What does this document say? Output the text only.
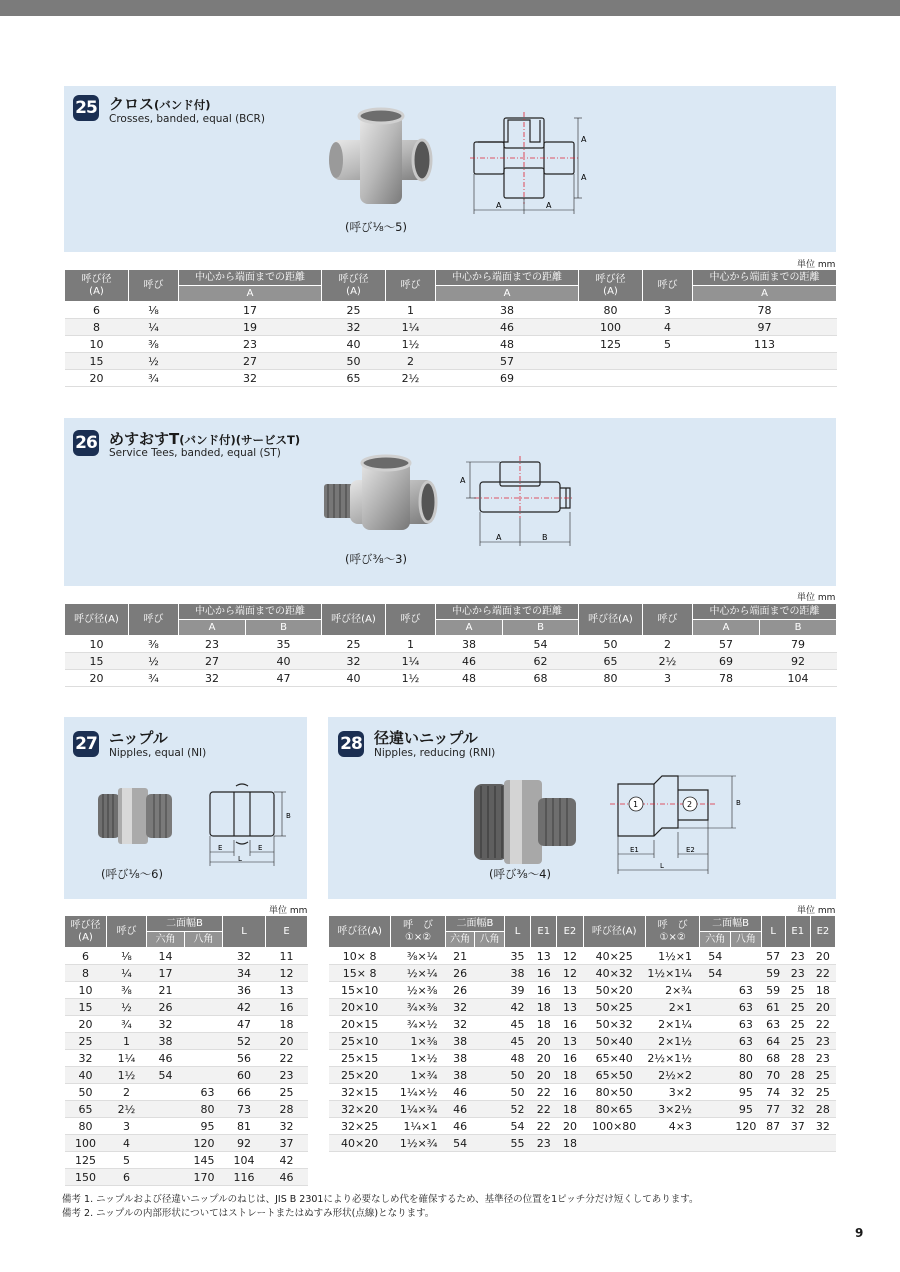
25 クロス(バンド付)
Crosses, banded, equal (BCR)
(呼び⅛〜5)
A	A
A
A
単位 mm
呼び径
(A)	呼び	中心から端面までの距離	呼び径
(A)	呼び	中心から端面までの距離	呼び径
(A)	呼び	中心から端面までの距離
		A			A			A
6	⅛	17	25	1	38	80	3	78
8	¼	19	32	1¼	46	100	4	97
10	⅜	23	40	1½	48	125	5	113
15	½	27	50	2	57			
20	¾	32	65	2½	69			
26 めすおすT(バンド付)(サービスT)
Service Tees, banded, equal (ST)
(呼び⅜〜3)
A	B
A
単位 mm
呼び径(A)	呼び	中心から端面までの距離		呼び径(A)	呼び	中心から端面までの距離		呼び径(A)	呼び	中心から端面までの距離	
		A	B			A	B			A	B
10	⅜	23	35	25	1	38	54	50	2	57	79
15	½	27	40	32	1¼	46	62	65	2½	69	92
20	¾	32	47	40	1½	48	68	80	3	78	104
27 ニップル
Nipples, equal (NI)
(呼び⅛〜6)
B
E	E
L
単位 mm
呼び径
(A)	呼び	二面幅B		L	E
		六角	八角		
6	⅛	14		32	11
8	¼	17		34	12
10	⅜	21		36	13
15	½	26		42	16
20	¾	32		47	18
25	1	38		52	20
32	1¼	46		56	22
40	1½	54		60	23
50	2		63	66	25
65	2½		80	73	28
80	3		95	81	32
100	4		120	92	37
125	5		145	104	42
150	6		170	116	46
28 径違いニップル
Nipples, reducing (RNI)
(呼び⅜〜4)
1	2	B
E1	E2
L
単位 mm
呼び径(A)	呼　び
①×②	二面幅B		L	E1	E2	呼び径(A)	呼　び
①×②	二面幅B		L	E1	E2
		六角	八角						六角	八角			
10× 8	⅜×¼	21		35	13	12	40×25	1½×1	54		57	23	20
15× 8	½×¼	26		38	16	12	40×32	1½×1¼	54		59	23	22
15×10	½×⅜	26		39	16	13	50×20	2×¾		63	59	25	18
20×10	¾×⅜	32		42	18	13	50×25	2×1		63	61	25	20
20×15	¾×½	32		45	18	16	50×32	2×1¼		63	63	25	22
25×10	1×⅜	38		45	20	13	50×40	2×1½		63	64	25	23
25×15	1×½	38		48	20	16	65×40	2½×1½		80	68	28	23
25×20	1×¾	38		50	20	18	65×50	2½×2		80	70	28	25
32×15	1¼×½	46		50	22	16	80×50	3×2		95	74	32	25
32×20	1¼×¾	46		52	22	18	80×65	3×2½		95	77	32	28
32×25	1¼×1	46		54	22	20	100×80	4×3		120	87	37	32
40×20	1½×¾	54		55	23	18							
備考 1. ニップルおよび径違いニップルのねじは、JIS B 2301により必要なしめ代を確保するため、基準径の位置を1ピッチ分だけ短くしてあります。
備考 2. ニップルの内部形状についてはストレートまたはぬすみ形状(点線)となります。
9
